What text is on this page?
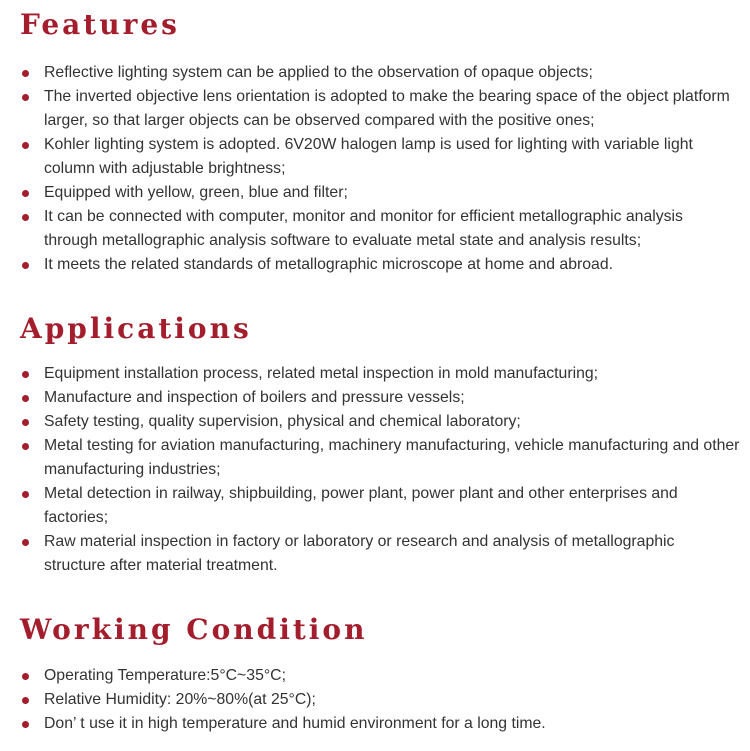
Features
Reflective lighting system can be applied to the observation of opaque objects;
The inverted objective lens orientation is adopted to make the bearing space of the object platform larger, so that larger objects can be observed compared with the positive ones;
Kohler lighting system is adopted. 6V20W halogen lamp is used for lighting with variable light column with adjustable brightness;
Equipped with yellow, green, blue and filter;
It can be connected with computer, monitor and monitor for efficient metallographic analysis through metallographic analysis software to evaluate metal state and analysis results;
It meets the related standards of metallographic microscope at home and abroad.
Applications
Equipment installation process, related metal inspection in mold manufacturing;
Manufacture and inspection of boilers and pressure vessels;
Safety testing, quality supervision, physical and chemical laboratory;
Metal testing for aviation manufacturing, machinery manufacturing, vehicle manufacturing and other manufacturing industries;
Metal detection in railway, shipbuilding, power plant, power plant and other enterprises and factories;
Raw material inspection in factory or laboratory or research and analysis of metallographic structure after material treatment.
Working Condition
Operating Temperature:5°C~35°C;
Relative Humidity: 20%~80%(at 25°C);
Don’ t use it in high temperature and humid environment for a long time.
